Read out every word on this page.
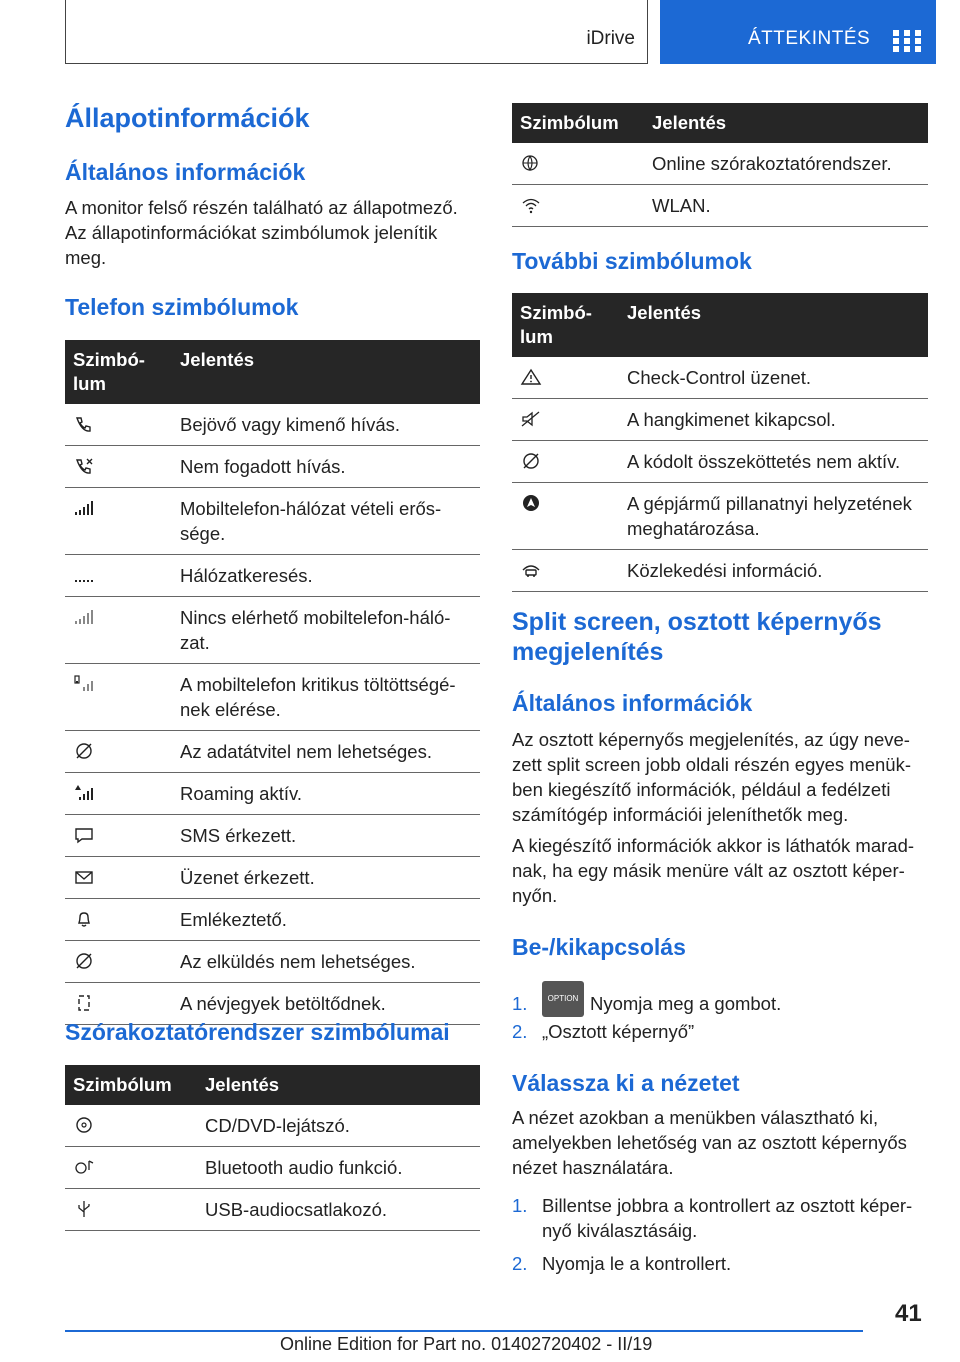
iDrive	ÁTTEKINTÉS
Állapotinformációk
Általános információk

A monitor felső részén található az állapotmező. Az állapotinformációkat szimbólumok jelenítik meg.

Telefon szimbólumok
Szimbó-lum	Jelentés
	Bejövő vagy kimenő hívás.
	Nem fogadott hívás.
	Mobiltelefon-hálózat vételi erős-sége.
	Hálózatkeresés.
	Nincs elérhető mobiltelefon-háló-zat.
	A mobiltelefon kritikus töltöttségé-nek elérése.
	Az adatátvitel nem lehetséges.
	Roaming aktív.
	SMS érkezett.
	Üzenet érkezett.
	Emlékeztető.
	Az elküldés nem lehetséges.
	A névjegyek betöltődnek.
Szórakoztatórendszer szimbólumai
Szimbólum	Jelentés
	CD/DVD-lejátszó.
	Bluetooth audio funkció.
	USB-audiocsatlakozó.
Szimbólum	Jelentés
	Online szórakoztatórendszer.
	WLAN.
További szimbólumok
Szimbó-lum	Jelentés
	Check-Control üzenet.
	A hangkimenet kikapcsol.
	A kódolt összeköttetés nem aktív.
	A gépjármű pillanatnyi helyzetének meghatározása.
	Közlekedési információ.
Split screen, osztott képernyős megjelenítés
Általános információk

Az osztott képernyős megjelenítés, az úgy neve-zett split screen jobb oldali részén egyes menük-ben kiegészítő információk, például a fedélzeti számítógép információi jeleníthetők meg.

A kiegészítő információk akkor is láthatók marad-nak, ha egy másik menüre vált az osztott képer-nyőn.

Be-/kikapcsolás
1.	OPTION Nyomja meg a gombot.
2. „Osztott képernyő”
Válassza ki a nézetet

A nézet azokban a menükben választható ki, amelyekben lehetőség van az osztott képernyős nézet használatára.

1. Billentse jobbra a kontrollert az osztott képer-nyő kiválasztásáig.
2. Nyomja le a kontrollert.
41
Online Edition for Part no. 01402720402 - II/19
